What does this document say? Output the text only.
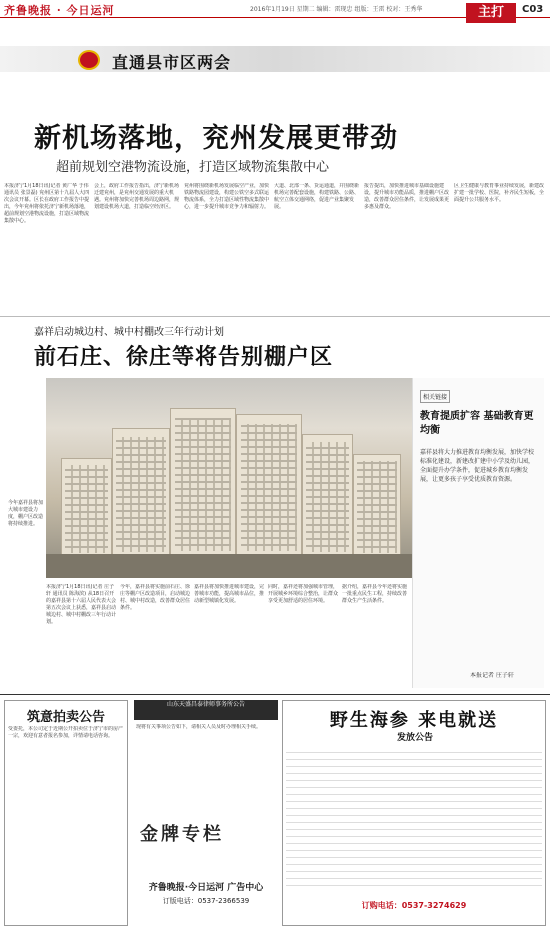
齐鲁晚报 · 今日运河	2016年1月19日 星期二 编辑：雷现忠 组版：王雷 校对：王秀华	主打	C03
直通县市区两会
新机场落地，兖州发展更带劲
超前规划空港物流设施，打造区域物流集散中心
本报济宁1月18日讯(记者 黄广华 于伟 通讯员 张景磊) 兖州区第十九届人大四次会议开幕。区长在政府工作报告中提出，今年兖州将依托济宁新机场落地，超前规划空港物流设施，打造区域物流集散中心。
会上，政府工作报告指出，济宁新机场迁建兖州，是兖州交通发展的重大机遇。兖州将加快完善机场周边路网，规划建设机场大道，打造临空经济区。
兖州将围绕新机场发展临空产业，加快铁路物流园建设，构建公铁空多式联运物流体系，全力打造区域性物流集散中心，进一步提升城市竞争力和辐射力。
大道、北部一条、货运通道，并围绕新机场完善配套设施，构建铁路、公路、航空立体交通网络，促进产业集聚发展。
报告提出，加快推进城市基础设施建设，提升城市功能品质，推进棚户区改造，改善群众居住条件，让发展成果更多惠及群众。
区卫生健康与教育事业持续发展，新建改扩建一批学校、医院，补齐民生短板，全面提升公共服务水平。
嘉祥启动城边村、城中村棚改三年行动计划
前石庄、徐庄等将告别棚户区
今年嘉祥县将加大城市建设力度，棚户区改造将持续推进。
本报济宁1月18日讯(记者 庄子轩 通讯员 陈海滨) 从18日召开的嘉祥县第十六届人民代表大会第五次会议上获悉，嘉祥县启动城边村、城中村棚改三年行动计划。
今年，嘉祥县将实施前石庄、徐庄等棚户区改造项目，启动城边村、城中村改造，改善群众居住条件。
嘉祥县将加快推进城市建设，完善城市功能，提高城市品位，推动新型城镇化发展。
同时，嘉祥还将加强城市管理，开展城乡环境综合整治，让群众享受更加舒适的居住环境。
据介绍，嘉祥县今年还将实施一批重点民生工程，持续改善群众生产生活条件。
相关链接
教育提质扩容 基础教育更均衡
嘉祥县将大力推进教育均衡发展，加快学校标准化建设，新建改扩建中小学及幼儿园，全面提升办学条件，促进城乡教育均衡发展，让更多孩子享受优质教育资源。
本报记者 庄子轩
筑意拍卖公告
受委托，本公司定于近期公开拍卖位于济宁市的房产一宗，欢迎有意者报名参加，详情请电话咨询。
山东天盛昌泰律师事务所公告
现将有关事项公告如下，请相关人员及时办理相关手续。
金牌专栏
齐鲁晚报·今日运河 广告中心
订版电话：0537-2366539
野生海参 来电就送
发放公告
订购电话：0537-3274629
